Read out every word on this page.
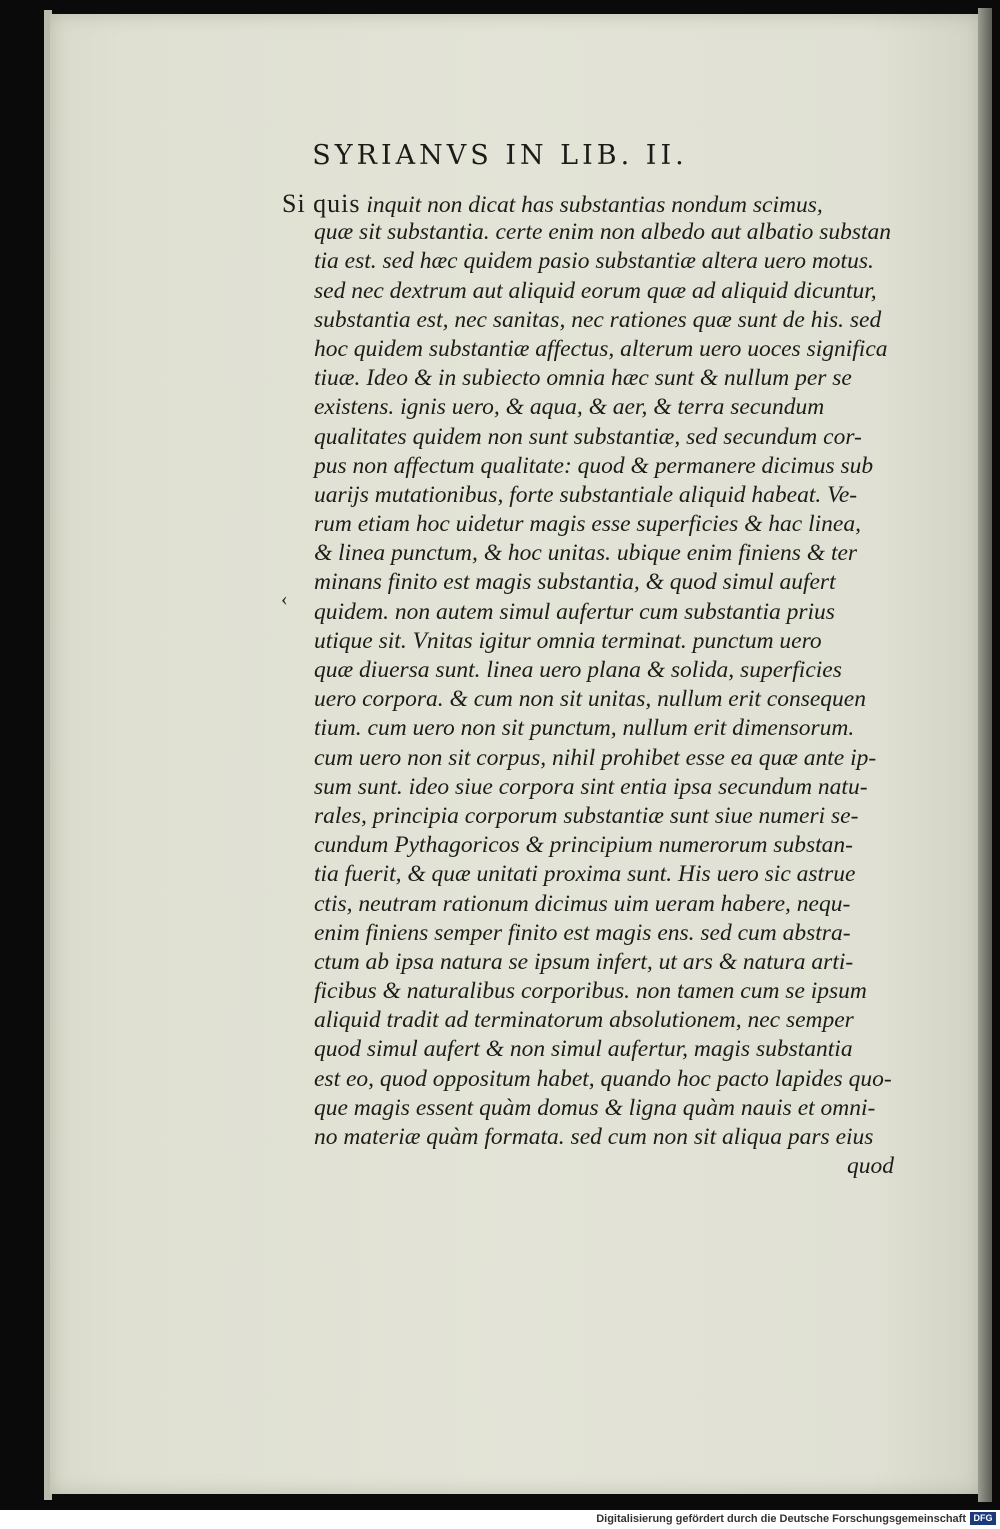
SYRIANVS IN LIB. II.
‹
Si quis inquit non dicat has substantias nondum scimus,
quæ sit substantia. certe enim non albedo aut albatio substan
tia est. sed hæc quidem pasio substantiæ altera uero motus.
sed nec dextrum aut aliquid eorum quæ ad aliquid dicuntur,
substantia est, nec sanitas, nec rationes quæ sunt de his. sed
hoc quidem substantiæ affectus, alterum uero uoces significa
tiuæ. Ideo & in subiecto omnia hæc sunt & nullum per se
existens. ignis uero, & aqua, & aer, & terra secundum
qualitates quidem non sunt substantiæ, sed secundum cor-
pus non affectum qualitate: quod & permanere dicimus sub
uarijs mutationibus, forte substantiale aliquid habeat. Ve-
rum etiam hoc uidetur magis esse superficies & hac linea,
& linea punctum, & hoc unitas. ubique enim finiens & ter
minans finito est magis substantia, & quod simul aufert
quidem. non autem simul aufertur cum substantia prius
utique sit. Vnitas igitur omnia terminat. punctum uero
quæ diuersa sunt. linea uero plana & solida, superficies
uero corpora. & cum non sit unitas, nullum erit consequen
tium. cum uero non sit punctum, nullum erit dimensorum.
cum uero non sit corpus, nihil prohibet esse ea quæ ante ip-
sum sunt. ideo siue corpora sint entia ipsa secundum natu-
rales, principia corporum substantiæ sunt siue numeri se-
cundum Pythagoricos & principium numerorum substan-
tia fuerit, & quæ unitati proxima sunt. His uero sic astrue
ctis, neutram rationum dicimus uim ueram habere, nequ-
enim finiens semper finito est magis ens. sed cum abstra-
ctum ab ipsa natura se ipsum infert, ut ars & natura arti-
ficibus & naturalibus corporibus. non tamen cum se ipsum
aliquid tradit ad terminatorum absolutionem, nec semper
quod simul aufert & non simul aufertur, magis substantia
est eo, quod oppositum habet, quando hoc pacto lapides quo-
que magis essent quàm domus & ligna quàm nauis et omni-
no materiæ quàm formata. sed cum non sit aliqua pars eius
quod
Digitalisierung gefördert durch die Deutsche Forschungsgemeinschaft DFG
